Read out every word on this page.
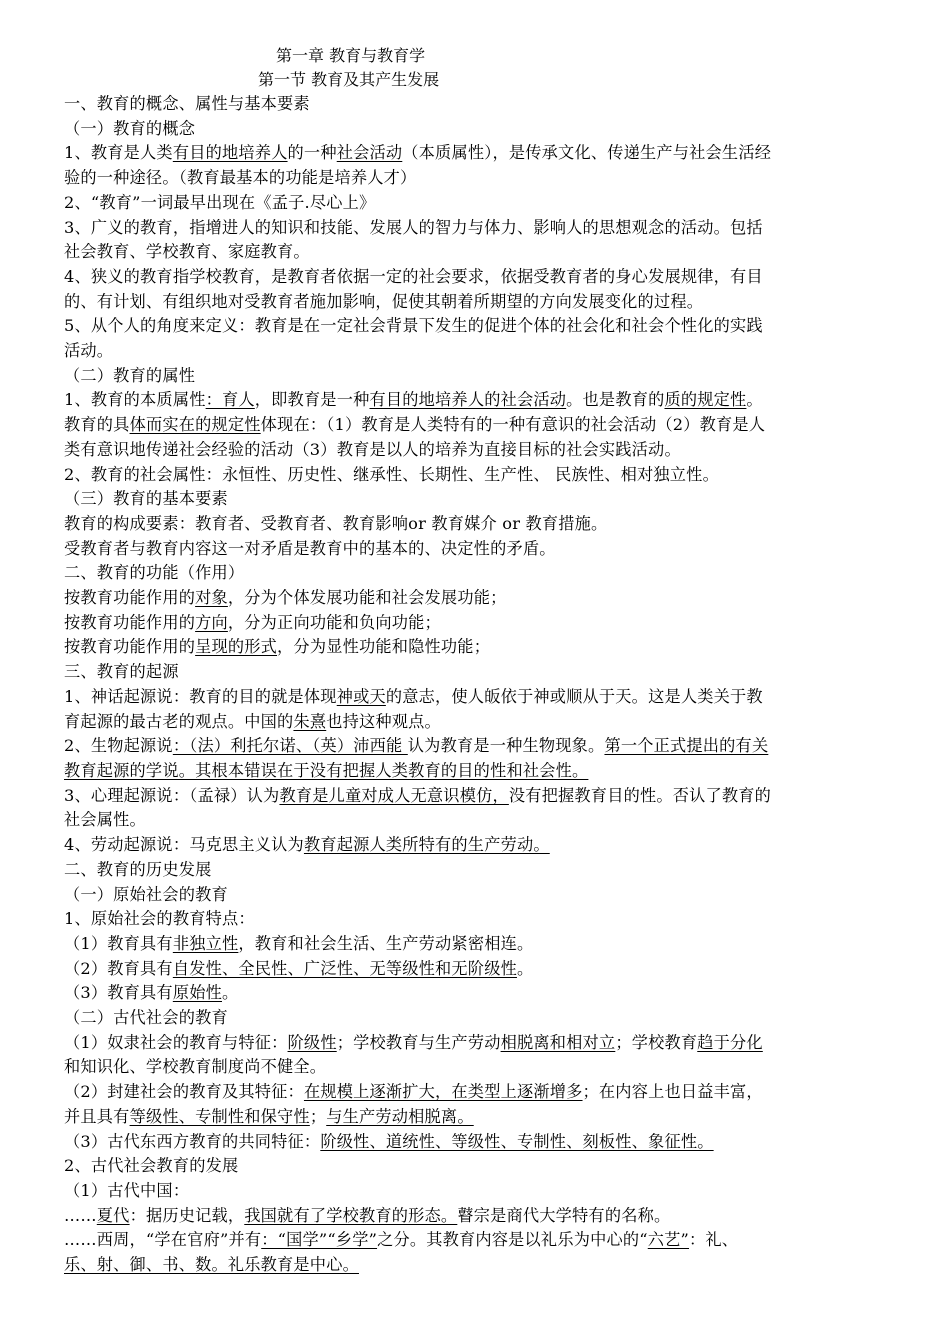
第一章 教育与教育学
第一节 教育及其产生发展
一、教育的概念、属性与基本要素
（一）教育的概念
1、教育是人类有目的地培养人的一种社会活动（本质属性），是传承文化、传递生产与社会生活经
验的一种途径。（教育最基本的功能是培养人才）
2、“教育”一词最早出现在《孟子.尽心上》
3、广义的教育，指增进人的知识和技能、发展人的智力与体力、影响人的思想观念的活动。包括
社会教育、学校教育、家庭教育。
4、狭义的教育指学校教育，是教育者依据一定的社会要求，依据受教育者的身心发展规律，有目
的、有计划、有组织地对受教育者施加影响，促使其朝着所期望的方向发展变化的过程。
5、从个人的角度来定义：教育是在一定社会背景下发生的促进个体的社会化和社会个性化的实践
活动。
（二）教育的属性
1、教育的本质属性：育人，即教育是一种有目的地培养人的社会活动。也是教育的质的规定性。
教育的具体而实在的规定性体现在：（1）教育是人类特有的一种有意识的社会活动（2）教育是人
类有意识地传递社会经验的活动（3）教育是以人的培养为直接目标的社会实践活动。
2、教育的社会属性：永恒性、历史性、继承性、长期性、生产性、 民族性、相对独立性。
（三）教育的基本要素
教育的构成要素：教育者、受教育者、教育影响or 教育媒介 or 教育措施。
受教育者与教育内容这一对矛盾是教育中的基本的、决定性的矛盾。
二、教育的功能（作用）
按教育功能作用的对象，分为个体发展功能和社会发展功能；
按教育功能作用的方向，分为正向功能和负向功能；
按教育功能作用的呈现的形式，分为显性功能和隐性功能；
三、教育的起源
1、神话起源说：教育的目的就是体现神或天的意志，使人皈依于神或顺从于天。这是人类关于教
育起源的最古老的观点。中国的朱熹也持这种观点。
2、生物起源说：（法）利托尔诺、（英）沛西能 认为教育是一种生物现象。第一个正式提出的有关
教育起源的学说。其根本错误在于没有把握人类教育的目的性和社会性。
3、心理起源说：（孟禄）认为教育是儿童对成人无意识模仿，没有把握教育目的性。否认了教育的
社会属性。
4、劳动起源说：马克思主义认为教育起源人类所特有的生产劳动。
二、教育的历史发展
（一）原始社会的教育
1、原始社会的教育特点：
（1）教育具有非独立性，教育和社会生活、生产劳动紧密相连。
（2）教育具有自发性、全民性、广泛性、无等级性和无阶级性。
（3）教育具有原始性。
（二）古代社会的教育
（1）奴隶社会的教育与特征：阶级性；学校教育与生产劳动相脱离和相对立；学校教育趋于分化
和知识化、学校教育制度尚不健全。
（2）封建社会的教育及其特征：在规模上逐渐扩大，在类型上逐渐增多；在内容上也日益丰富，
并且具有等级性、专制性和保守性；与生产劳动相脱离。
（3）古代东西方教育的共同特征：阶级性、道统性、等级性、专制性、刻板性、象征性。
2、古代社会教育的发展
（1）古代中国：
……夏代：据历史记载，我国就有了学校教育的形态。瞽宗是商代大学特有的名称。
……西周，“学在官府”并有：“国学”“乡学”之分。其教育内容是以礼乐为中心的“六艺”：礼、
乐、射、御、书、数。礼乐教育是中心。
